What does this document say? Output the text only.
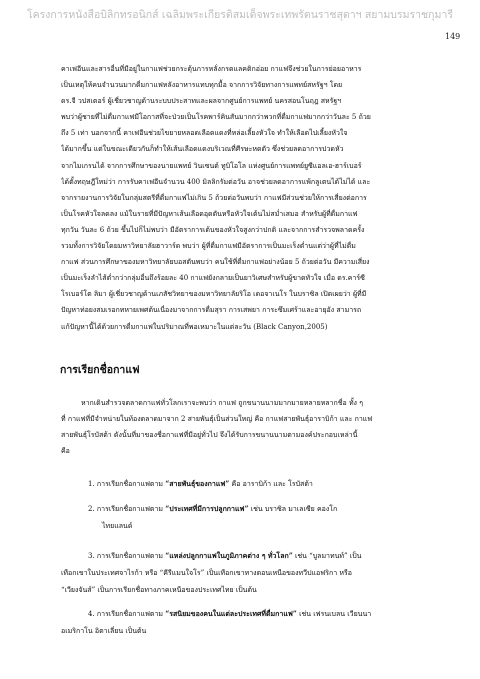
โครงการหนังสือบิลิกทรอนิกส์ เฉลิมพระเกียรติสมเด็จพระเทพรัตนราชสุดาฯ สยามบรมราชกุมารี
149
คาเฟอีนและสารอื่นที่มีอยู่ในกาแฟช่วยกระตุ้นการหลั่งกรดแลคติกอ่อย กาแฟจึงช่วยในการย่อยอาหาร
เป็นเหตุให้คนจำนวนมากดื่มกาแฟหลังอาหารแทบทุกมื้อ จากการวิจัยทางการแพทย์สหรัฐฯ โดย
ดร.จี วปสเตอร์ ผู้เชี่ยวชาญด้านระบบประสาทและผลจากศูนย์การแพทย์ นครสอนโนฤฎ สหรัฐฯ
พบว่าผู้ชายที่ไม่ดื่มกาแฟมีโอกาสที่จะป่วยเป็นโรคพาร์คินสันมากกว่าพวกที่ดื่มกาแฟมากกว่าวันละ 5 ถ้วย
ถึง 5 เท่า นอกจากนี้ คาเฟอีนช่วยไขยายหลอดเลือดแดงที่หล่อเลี้ยงหัวใจ ทำให้เลือดไปเลี้ยงหัวใจ
ได้มากขึ้น แต่ในขณะเดียวกันก็ทำให้เส้นเลือดแดงบริเวณที่ศีรษะหดตัว ซึ่งช่วยลดอาการปวดหัว
จากไมเกรนได้ จากการศึกษาของนายแพทย์ วินเซนต์ ทูบิโอโล แห่งศูนย์การแพทย์ยูซีแอลเอ-ฮาร์เบอร์
ได้ตั้งทฤษฎีใหม่ว่า การรับคาเฟอีนจำนวน 400 มิลลิกรัมต่อวัน อาจช่วยลดอาการแพ้กลูเตนได้ไม่ได้ และ
จากรายงานการวิจัยในกลุ่มสตรีที่ดื่มกาแฟไม่เกิน 5 ถ้วยต่อวันพบว่า กาแฟมีส่วนช่วยให้การเสี่ยงต่อการ
เป็นโรคหัวใจลดลง แม้ในรายที่มีปัญหาเส้นเลือดอุดตันหรือหัวใจเต้นไม่สม่ำเสมอ สำหรับผู้ที่ดื่มกาแฟ
ทุกวัน วันละ 6 ถ้วย ขึ้นไปก็ไม่พบว่า มีอัตราการเต้นของหัวใจสูงกว่าปกติ และจากการสำรวจพลาดครั้ง
รวมทั้งการวิจัยโดยมหาวิทยาลัยฮาวาร์ด พบว่า ผู้ที่ดื่มกาแฟมีอัตราการเป็นมะเร็งต่ำนแต่ว่าผู้ที่ไม่ดื่ม
กาแฟ ส่วนการศึกษาของมหาวิทยาลัยบอสตันพบว่า คนใช้ที่ดื่มกาแฟอย่างน้อย 5 ถ้วยต่อวัน มีความเสี่ยง
เป็นมะเร็งลำไส้ต่ำกว่ากลุ่มอื่นถึงร้อยละ 40 กาแฟยังกลายเป็นยาวิเศษสำหรับผู้ขาดทัวใจ เมื่อ ดร.คาร์ซี
โรเบอร์โต ลิมา ผู้เชี่ยวชาญด้านเภสัชวิทยาของมหาวิทยาลัยริโอ เดอจาเนโร ในบราซิล เปิดเผยว่า ผู้ที่มี
ปัญหาท่อยงสมเรอกทหายเพศต้นเนื่องมาจากการดื่มสุรา การเสพยา การะซึมเศร้าและอายุอัง สามารถ
แก้ปัญหานี้ได้ด้วยการดื่มกาแฟในปริมาณที่พอเหมาะในแต่ละวัน (Black Canyon,2005)
การเรียกชื่อกาแฟ
หากเดินสำรวจตลาดกาแฟทั่วโลกเราจะพบว่า กาแฟ ถูกขนานนามมากมายหลายหลากชื่อ ทั้ง ๆ
ที่ กาแฟที่มีจำหน่ายในท้องตลาดมาจาก 2 สายพันธุ์เป็นส่วนใหญ่ คือ กาแฟสายพันธุ์อาราบิก้า และ กาแฟ
สายพันธุ์โรบัสต้า ดังนั้นที่มาของชื่อกาแฟที่มีอยู่ทั่วไป จึงได้รับการขนานนามตามองค์ประกอบเหล่านี้
คือ
1. การเรียกชื่อกาแฟตาม “สายพันธุ์ของกาแฟ” คือ อาราบิก้า และ โรบัสต้า
2. การเรียกชื่อกาแฟตาม “ประเทศที่มีการปลูกกาแฟ” เช่น บราซิล มาเลเซีย คองโก
ไทยแลนด์
3. การเรียกชื่อกาแฟตาม “แหล่งปลูกกาแฟในภูมิภาคต่าง ๆ ทั่วโลก” เช่น “บูลมาทนท์” เป็น
เทือกเขาในประเทศจาไรก้า หรือ “คีรีแมนใจโร” เป็นเทือกเขาทางตอนเหนือของทวีปแอฟริกา หรือ
“เวียงจันส์” เป็นการเรียกชื่อทางภาคเหนือของประเทศไทย เป็นต้น
4. การเรียกชื่อกาแฟตาม “รสนิยมของคนในแต่ละประเทศที่ดื่มกาแฟ” เช่น เฟรนเบลน เวียนนา
อเมริกาโน อิตาเลี่ยน เป็นต้น
